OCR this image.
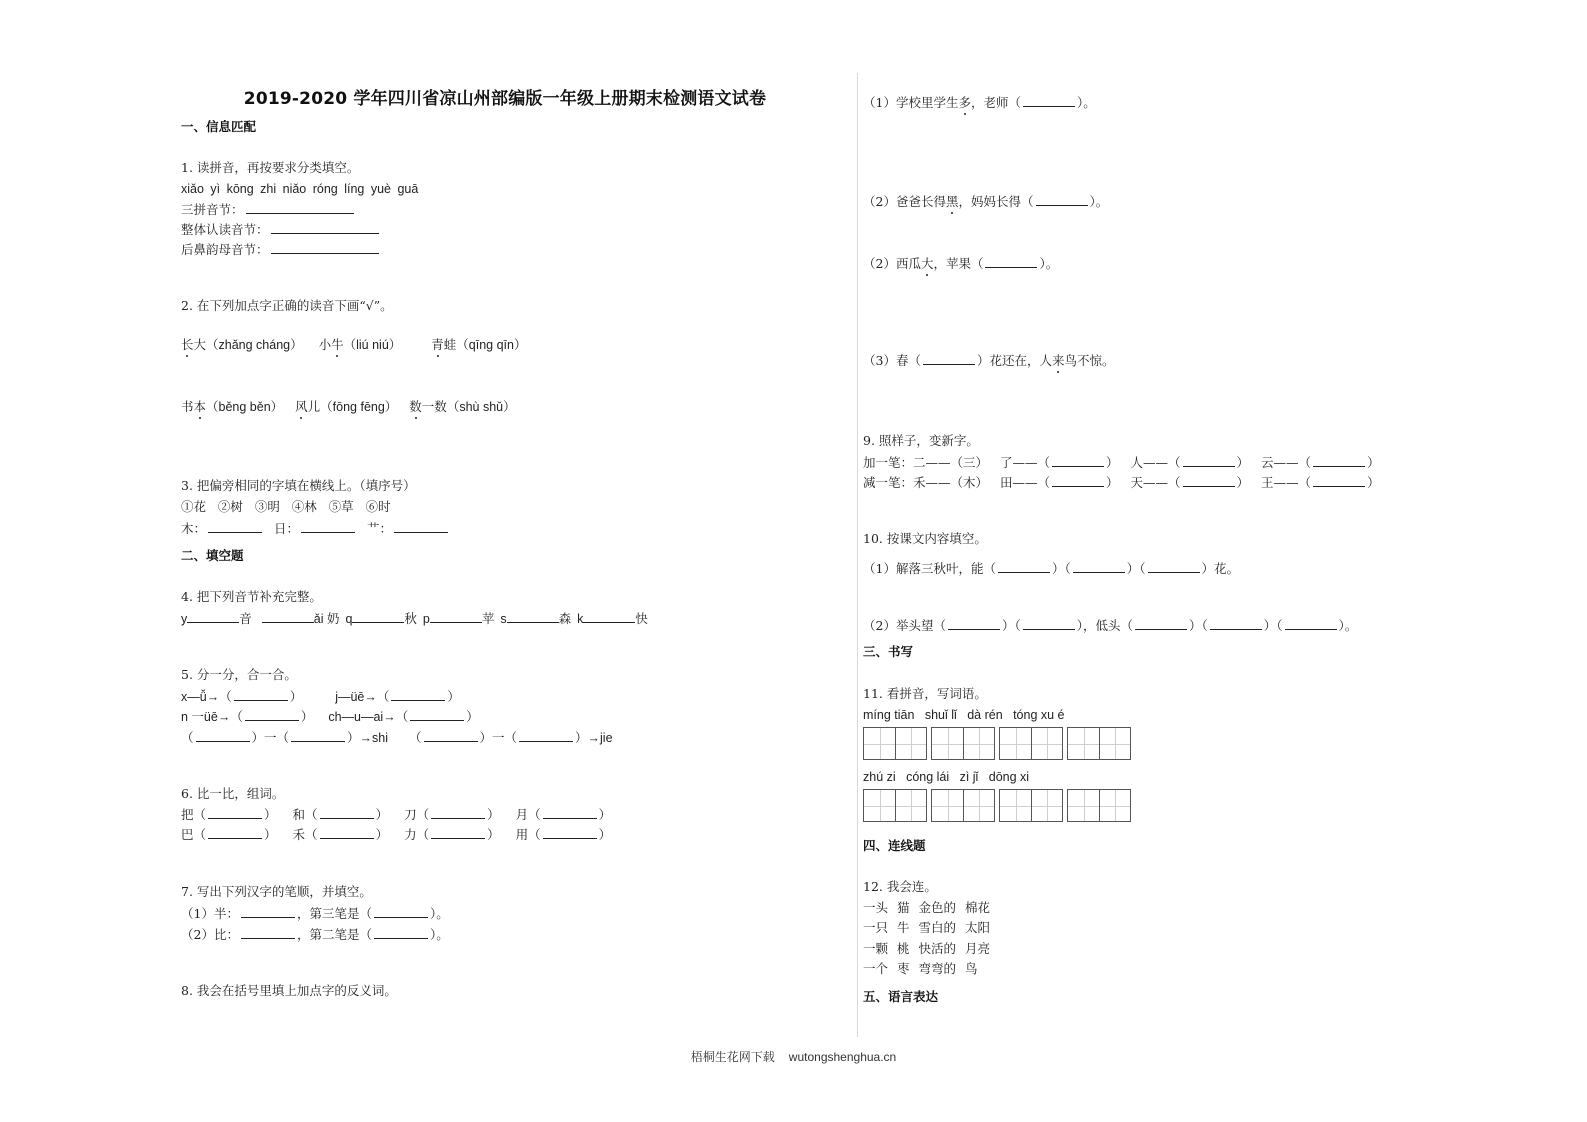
2019-2020 学年四川省凉山州部编版一年级上册期末检测语文试卷
一、信息匹配
1. 读拼音，再按要求分类填空。
xiǎo yì kōng zhi niǎo róng líng yuè guā
三拼音节：
整体认读音节：
后鼻韵母音节：
2. 在下列加点字正确的读音下画“√”。
长大（zhǎng cháng） 小牛（liú niú） 青蛙（qīng qīn）
书本（běng běn） 风儿（fōng fēng） 数一数（shù shǔ）
3. 把偏旁相同的字填在横线上。（填序号）
①花   ②树   ③明   ④林   ⑤草   ⑥时
木：	日：	艹：
二、填空题
4. 把下列音节补充完整。
y	音	ǎi 奶 q	秋 p	苹 s	森 k	快
5. 分一分，合一合。
x—ǚ→（	）	j—üē→（	）
n 一üē→（	） ch—u—ai→（	）
（	）一（	）→shi （	）一（	）→jie
6. 比一比，组词。
把（	） 和（	） 刀（	） 月（	）
巴（	） 禾（	） 力（	） 用（	）
7. 写出下列汉字的笔顺，并填空。
（1）半：	，第三笔是（	）。
（2）比：	，第二笔是（	）。
8. 我会在括号里填上加点字的反义词。
（1）学校里学生多，老师（	）。
（2）爸爸长得黑，妈妈长得（	）。
（2）西瓜大，苹果（	）。
（3）春（	）花还在，人来鸟不惊。
9. 照样子，变新字。
加一笔：二——（三） 了——（	） 人——（	） 云——（	）
减一笔：禾——（木） 田——（	） 天——（	） 王——（	）
10. 按课文内容填空。
（1）解落三秋叶，能（	）（	）（	）花。
（2）举头望（	）（	），低头（	）（	）（	）。
三、书写
11. 看拼音，写词语。
míng tiān   shuǐ lǐ   dà rén   tóng xu é
zhú zi   cóng lái   zì jǐ   dōng xi
四、连线题
12. 我会连。
一头 猫 金色的 棉花
一只 牛 雪白的 太阳
一颗 桃 快活的 月亮
一个 枣 弯弯的 鸟
五、语言表达
梧桐生花网下载 wutongshenghua.cn
